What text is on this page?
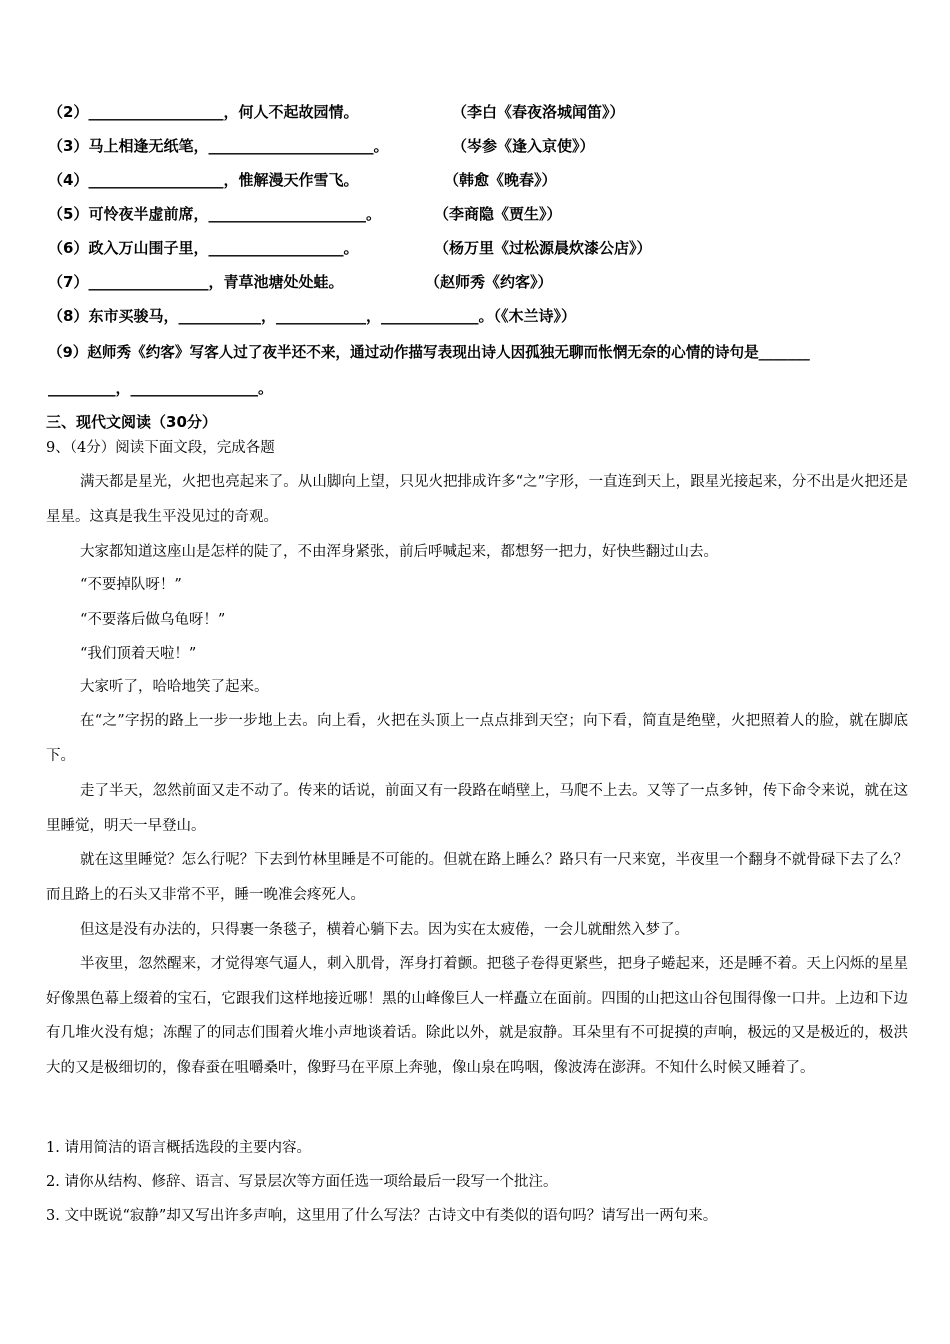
（2）__________________，何人不起故园情。	（李白《春夜洛城闻笛》）
（3）马上相逢无纸笔，______________________。	（岑参《逢入京使》）
（4）__________________，惟解漫天作雪飞。	（韩愈《晚春》）
（5）可怜夜半虚前席，_____________________。	（李商隐《贾生》）
（6）政入万山围子里，__________________。	（杨万里《过松源晨炊漆公店》）
（7）________________，青草池塘处处蛙。	（赵师秀《约客》）
（8）东市买骏马，___________，____________，_____________。（《木兰诗》）
（9）赵师秀《约客》写客人过了夜半还不来，通过动作描写表现出诗人因孤独无聊而怅惘无奈的心情的诗句是_______
_________，_________________。
三、现代文阅读（30分）
9、（4分）阅读下面文段，完成各题
满天都是星光，火把也亮起来了。从山脚向上望，只见火把排成许多“之”字形，一直连到天上，跟星光接起来，分不出是火把还是星星。这真是我生平没见过的奇观。
大家都知道这座山是怎样的陡了，不由浑身紧张，前后呼喊起来，都想努一把力，好快些翻过山去。
“不要掉队呀！”
“不要落后做乌龟呀！”
“我们顶着天啦！”
大家听了，哈哈地笑了起来。
在“之”字拐的路上一步一步地上去。向上看，火把在头顶上一点点排到天空；向下看，简直是绝壁，火把照着人的脸，就在脚底下。
走了半天，忽然前面又走不动了。传来的话说，前面又有一段路在峭壁上，马爬不上去。又等了一点多钟，传下命令来说，就在这里睡觉，明天一早登山。
就在这里睡觉？怎么行呢？下去到竹林里睡是不可能的。但就在路上睡么？路只有一尺来宽，半夜里一个翻身不就骨碌下去了么？而且路上的石头又非常不平，睡一晚准会疼死人。
但这是没有办法的，只得裹一条毯子，横着心躺下去。因为实在太疲倦，一会儿就酣然入梦了。
半夜里，忽然醒来，才觉得寒气逼人，刺入肌骨，浑身打着颤。把毯子卷得更紧些，把身子蜷起来，还是睡不着。天上闪烁的星星好像黑色幕上缀着的宝石，它跟我们这样地接近哪！黑的山峰像巨人一样矗立在面前。四围的山把这山谷包围得像一口井。上边和下边有几堆火没有熄；冻醒了的同志们围着火堆小声地谈着话。除此以外，就是寂静。耳朵里有不可捉摸的声响，极远的又是极近的，极洪大的又是极细切的，像春蚕在咀嚼桑叶，像野马在平原上奔驰，像山泉在呜咽，像波涛在澎湃。不知什么时候又睡着了。
1. 请用简洁的语言概括选段的主要内容。
2. 请你从结构、修辞、语言、写景层次等方面任选一项给最后一段写一个批注。
3. 文中既说“寂静”却又写出许多声响，这里用了什么写法？古诗文中有类似的语句吗？请写出一两句来。
